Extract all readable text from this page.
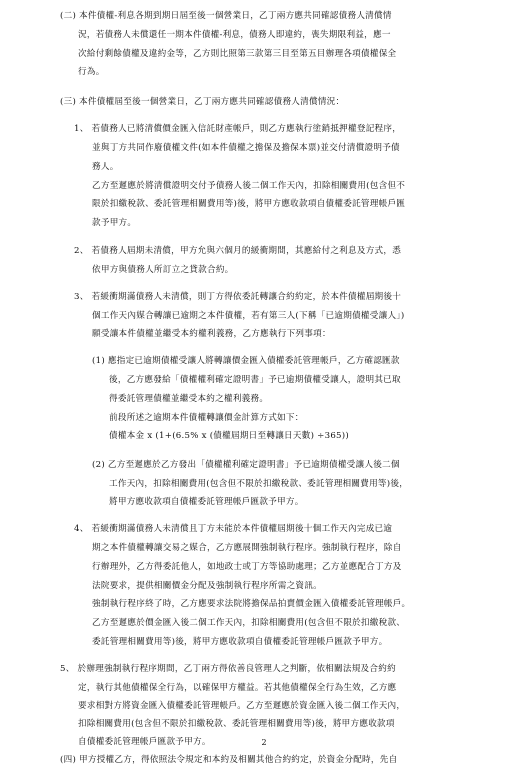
(二) 本件債權-利息各期到期日屆至後一個營業日，乙丁兩方應共同確認債務人清償情
況，若債務人未償還任一期本件債權-利息，債務人即違約，喪失期限利益，應一
次給付剩餘債權及違約金等，乙方則比照第三款第三目至第五目辦理各項債權保全
行為。
(三) 本件債權屆至後一個營業日，乙丁兩方應共同確認債務人清償情況：
1、 若債務人已將清償價金匯入信託財產帳戶，則乙方應執行塗銷抵押權登記程序，
並與丁方共同作廢債權文件(如本件債權之擔保及擔保本票)並交付清償證明予債
務人。
乙方至遲應於將清償證明交付予債務人後二個工作天內，扣除相關費用(包含但不
限於扣繳稅款、委託管理相關費用等)後，將甲方應收款項自債權委託管理帳戶匯
款予甲方。
2、 若債務人屆期未清償，甲方允與六個月的緩衝期間，其應給付之利息及方式，悉
依甲方與債務人所訂立之貸款合約。
3、 若緩衝期滿債務人未清償，則丁方得依委託轉讓合約約定，於本件債權屆期後十
個工作天內媒合轉讓已逾期之本件債權，若有第三人(下稱「已逾期債權受讓人」)
願受讓本件債權並繼受本約權利義務，乙方應執行下列事項：
(1) 應指定已逾期債權受讓人將轉讓價金匯入債權委託管理帳戶，乙方確認匯款
後，乙方應發給「債權權利確定證明書」予已逾期債權受讓人，證明其已取
得委託管理債權並繼受本約之權利義務。
前段所述之逾期本件債權轉讓價金計算方式如下：
債權本金 x (1+(6.5% x (債權屆期日至轉讓日天數) ÷365))
(2) 乙方至遲應於乙方發出「債權權利確定證明書」予已逾期債權受讓人後二個
工作天內，扣除相關費用(包含但不限於扣繳稅款、委託管理相關費用等)後，
將甲方應收款項自債權委託管理帳戶匯款予甲方。
4、 若緩衝期滿債務人未清償且丁方未能於本件債權屆期後十個工作天內完成已逾
期之本件債權轉讓交易之媒合，乙方應展開強制執行程序。強制執行程序，除自
行辦理外，乙方得委託他人，如地政士或丁方等協助處理；乙方並應配合丁方及
法院要求，提供相關價金分配及強制執行程序所需之資訊。
強制執行程序終了時，乙方應要求法院將擔保品拍賣價金匯入債權委託管理帳戶。
乙方至遲應於價金匯入後二個工作天內，扣除相關費用(包含但不限於扣繳稅款、
委託管理相關費用等)後，將甲方應收款項自債權委託管理帳戶匯款予甲方。
5、 於辦理強制執行程序期間，乙丁兩方得依善良管理人之判斷，依相關法規及合約約
定，執行其他債權保全行為，以確保甲方權益。若其他債權保全行為生效，乙方應
要求相對方將資金匯入債權委託管理帳戶。乙方至遲應於資金匯入後二個工作天內，
扣除相關費用(包含但不限於扣繳稅款、委託管理相關費用等)後，將甲方應收款項
自債權委託管理帳戶匯款予甲方。
(四) 甲方授權乙方，得依照法令規定和本約及相關其他合約約定，於資金分配時，先自
2
